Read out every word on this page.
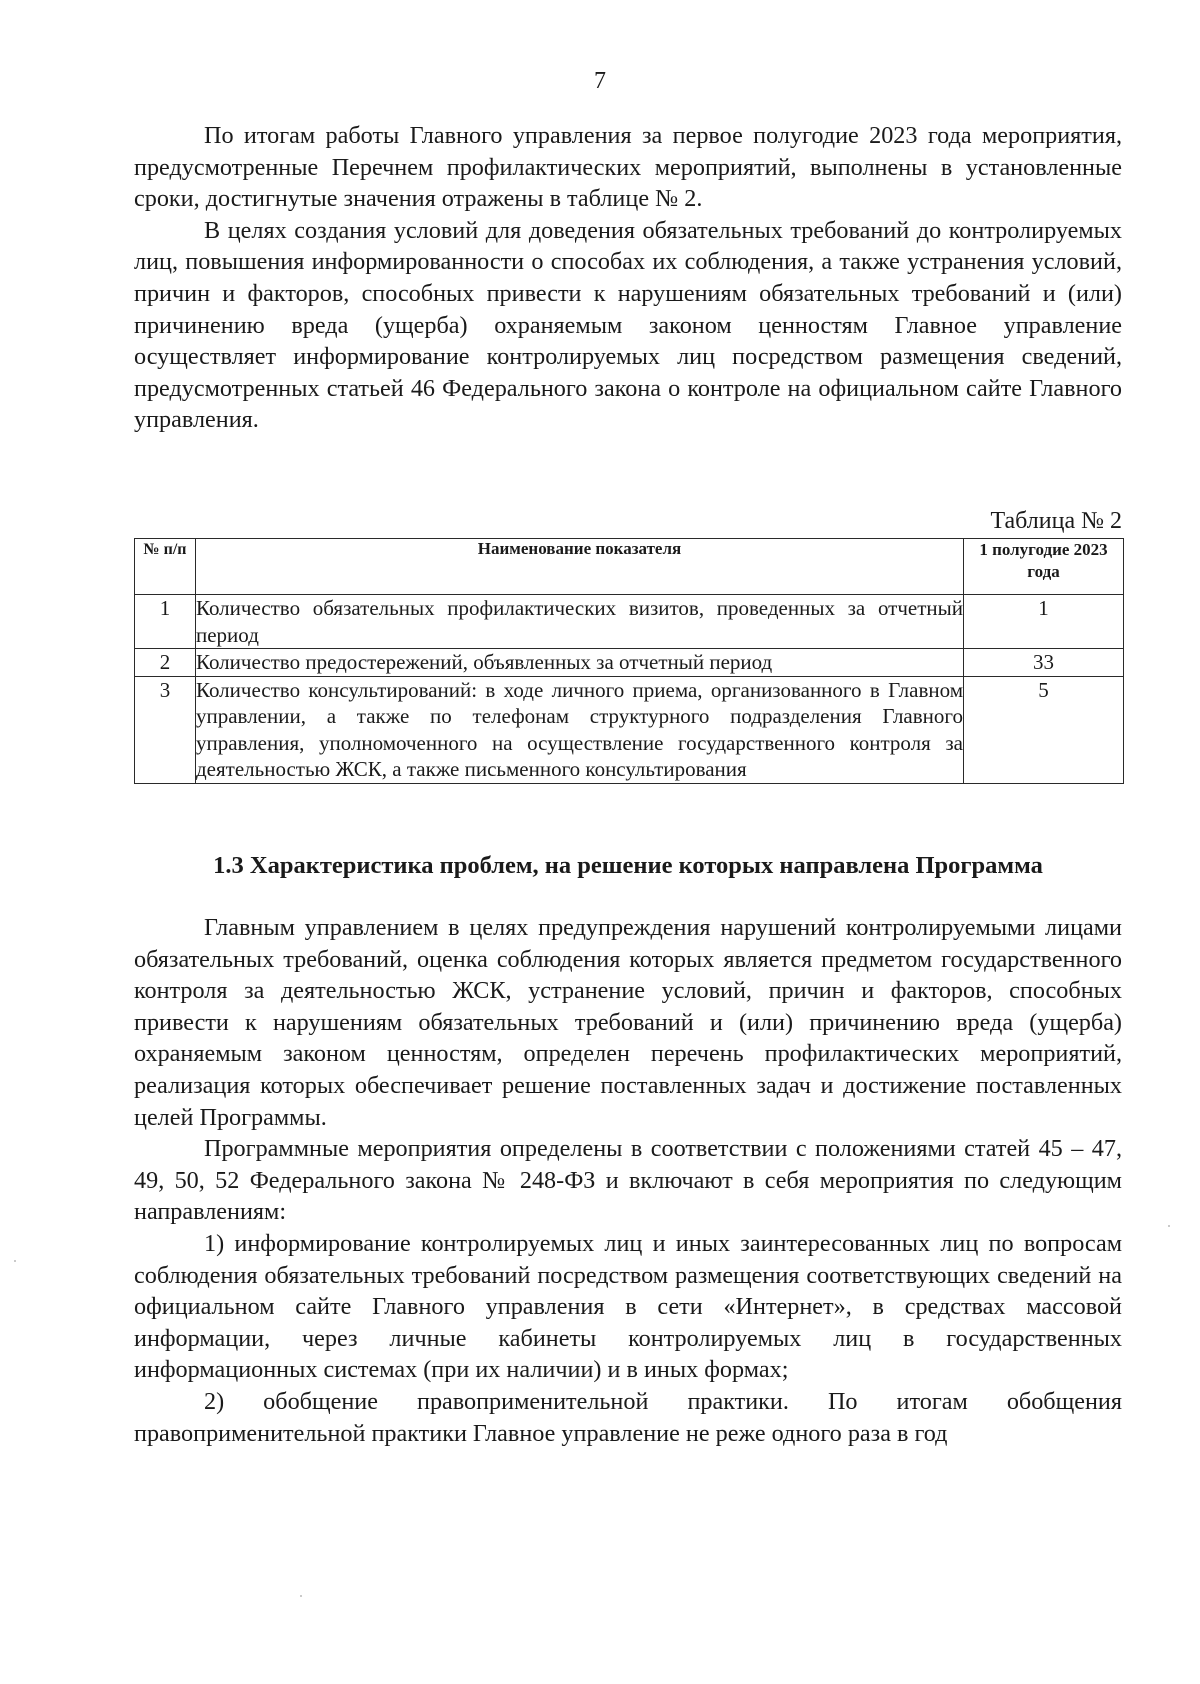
7

По итогам работы Главного управления за первое полугодие 2023 года мероприятия, предусмотренные Перечнем профилактических мероприятий, выполнены в установленные сроки, достигнутые значения отражены в таблице № 2.

В целях создания условий для доведения обязательных требований до контролируемых лиц, повышения информированности о способах их соблюдения, а также устранения условий, причин и факторов, способных привести к нарушениям обязательных требований и (или) причинению вреда (ущерба) охраняемым законом ценностям Главное управление осуществляет информирование контролируемых лиц посредством размещения сведений, предусмотренных статьей 46 Федерального закона о контроле на официальном сайте Главного управления.

Таблица № 2
№ п/п	Наименование показателя	1 полугодие 2023 года
1	Количество обязательных профилактических визитов, проведенных за отчетный период	1
2	Количество предостережений, объявленных за отчетный период	33
3	Количество консультирований: в ходе личного приема, организованного в Главном управлении, а также по телефонам структурного подразделения Главного управления, уполномоченного на осуществление государственного контроля за деятельностью ЖСК, а также письменного консультирования	5
1.3 Характеристика проблем, на решение которых направлена Программа

Главным управлением в целях предупреждения нарушений контролируемыми лицами обязательных требований, оценка соблюдения которых является предметом государственного контроля за деятельностью ЖСК, устранение условий, причин и факторов, способных привести к нарушениям обязательных требований и (или) причинению вреда (ущерба) охраняемым законом ценностям, определен перечень профилактических мероприятий, реализация которых обеспечивает решение поставленных задач и достижение поставленных целей Программы.

Программные мероприятия определены в соответствии с положениями статей 45 – 47, 49, 50, 52 Федерального закона № 248-ФЗ и включают в себя мероприятия по следующим направлениям:

1) информирование контролируемых лиц и иных заинтересованных лиц по вопросам соблюдения обязательных требований посредством размещения соответствующих сведений на официальном сайте Главного управления в сети «Интернет», в средствах массовой информации, через личные кабинеты контролируемых лиц в государственных информационных системах (при их наличии) и в иных формах;

2) обобщение правоприменительной практики. По итогам обобщения правоприменительной практики Главное управление не реже одного раза в год
